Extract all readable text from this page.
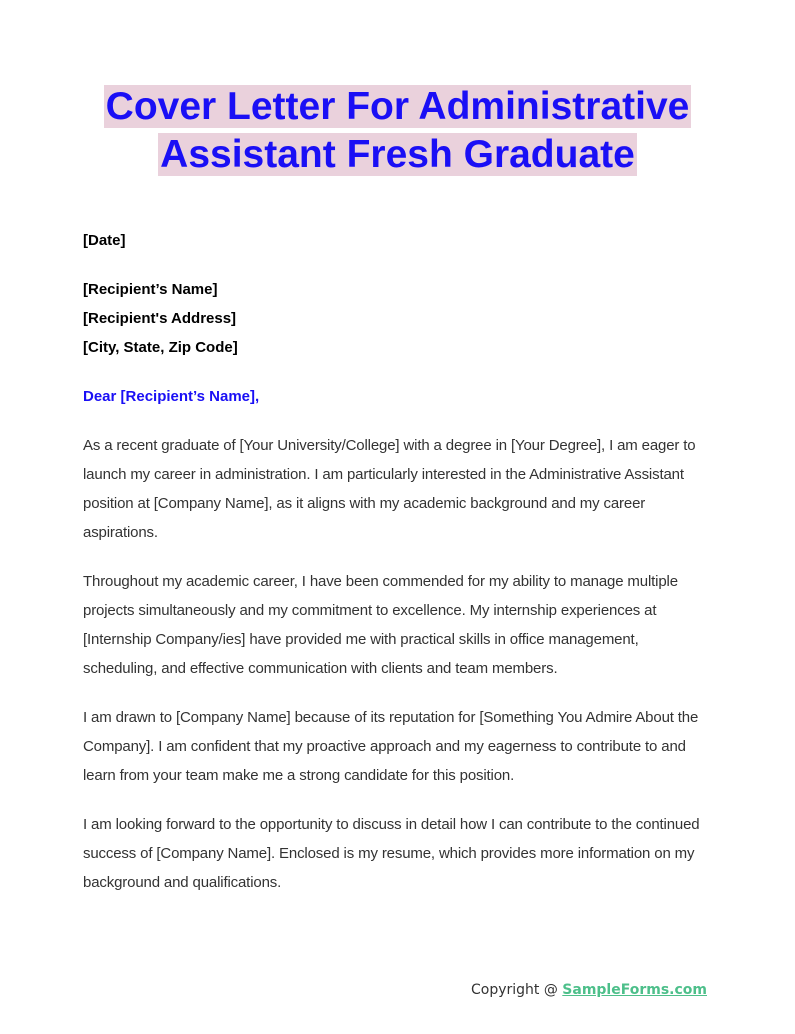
Cover Letter For Administrative
Assistant Fresh Graduate

[Date]

[Recipient’s Name]

[Recipient's Address]

[City, State, Zip Code]

Dear [Recipient’s Name],

As a recent graduate of [Your University/College] with a degree in [Your Degree], I am eager to launch my career in administration. I am particularly interested in the Administrative Assistant position at [Company Name], as it aligns with my academic background and my career aspirations.

Throughout my academic career, I have been commended for my ability to manage multiple projects simultaneously and my commitment to excellence. My internship experiences at [Internship Company/ies] have provided me with practical skills in office management, scheduling, and effective communication with clients and team members.

I am drawn to [Company Name] because of its reputation for [Something You Admire About the Company]. I am confident that my proactive approach and my eagerness to contribute to and learn from your team make me a strong candidate for this position.

I am looking forward to the opportunity to discuss in detail how I can contribute to the continued success of [Company Name]. Enclosed is my resume, which provides more information on my background and qualifications.

Copyright @ SampleForms.com
